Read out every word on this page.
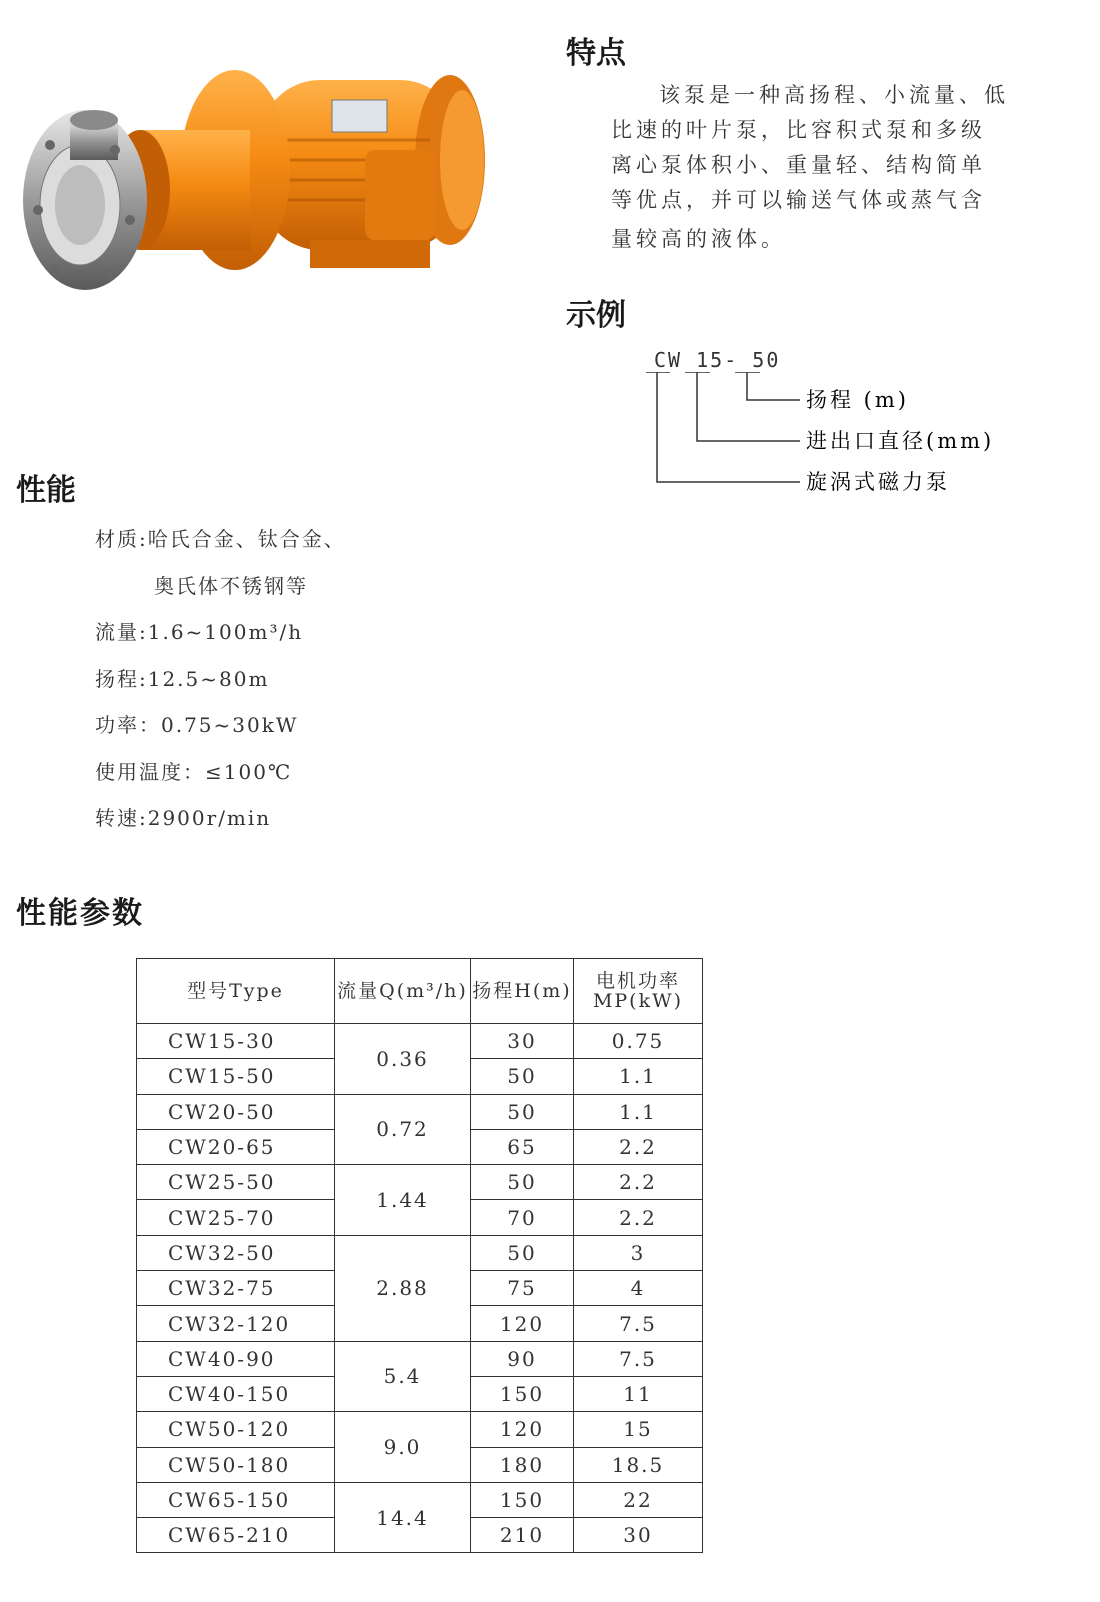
特点
该泵是一种高扬程、小流量、低
比速的叶片泵，比容积式泵和多级
离心泵体积小、重量轻、结构简单
等优点，并可以输送气体或蒸气含
量较高的液体。
示例
CW 15- 50
扬程 (m)
进出口直径(mm)
旋涡式磁力泵
性能
材质:哈氏合金、钛合金、
奥氏体不锈钢等
流量:1.6~100m³/h
扬程:12.5~80m
功率：0.75~30kW
使用温度：≤100℃
转速:2900r/min
性能参数
型号Type	流量Q(m³/h)	扬程H(m)	电机功率
MP(kW)

CW15-30	0.36	30	0.75
CW15-50		50	1.1
CW20-50	0.72	50	1.1
CW20-65		65	2.2
CW25-50	1.44	50	2.2
CW25-70		70	2.2
CW32-50	2.88	50	3
CW32-75		75	4
CW32-120		120	7.5
CW40-90	5.4	90	7.5
CW40-150		150	11
CW50-120	9.0	120	15
CW50-180		180	18.5
CW65-150	14.4	150	22
CW65-210		210	30
